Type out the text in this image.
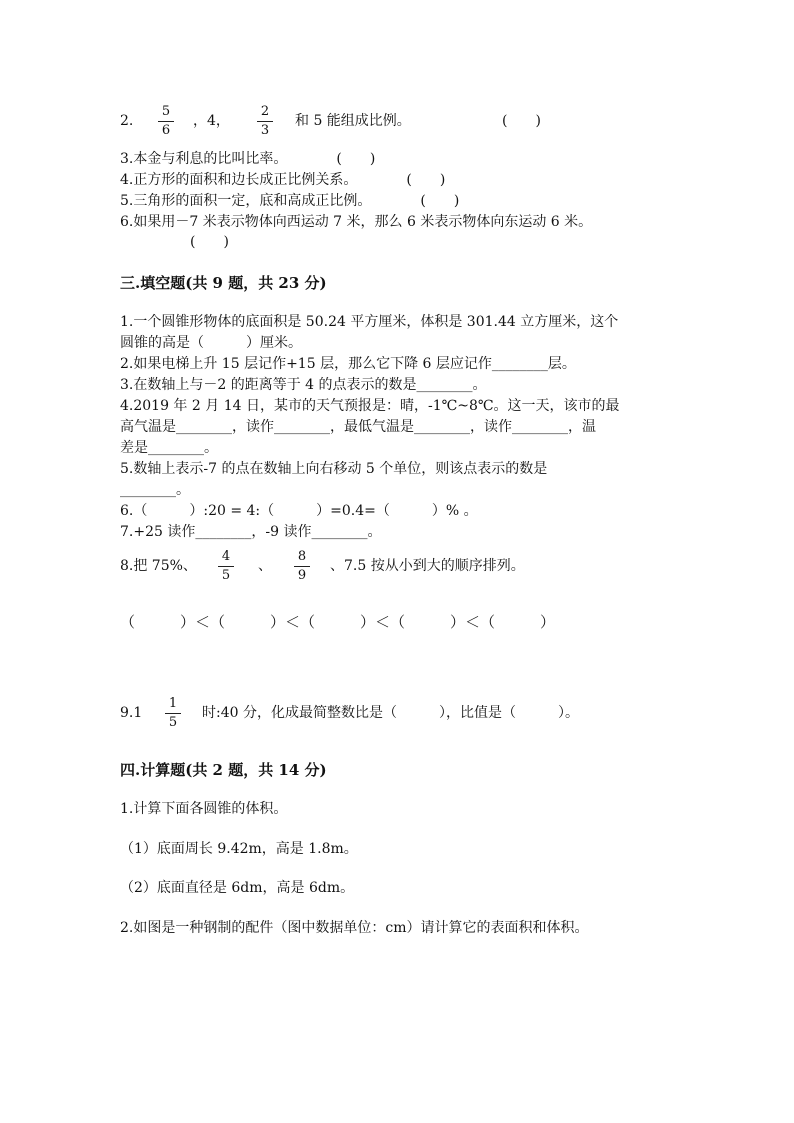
2.
5
6
，4，
2
3
和 5 能组成比例。	(　　)
3.本金与利息的比叫比率。　　　　(　　)
4.正方形的面积和边长成正比例关系。　　　　(　　)
5.三角形的面积一定，底和高成正比例。　　　　(　　)
6.如果用－7 米表示物体向西运动 7 米，那么 6 米表示物体向东运动 6 米。
(　　)
三.填空题(共 9 题，共 23 分)
1.一个圆锥形物体的底面积是 50.24 平方厘米，体积是 301.44 立方厘米，这个
圆锥的高是（　　　）厘米。
2.如果电梯上升 15 层记作+15 层，那么它下降 6 层应记作________层。
3.在数轴上与－2 的距离等于 4 的点表示的数是________。
4.2019 年 2 月 14 日，某市的天气预报是：晴，-1℃~8℃。这一天，该市的最
高气温是________，读作________，最低气温是________，读作________，温
差是________。
5.数轴上表示-7 的点在数轴上向右移动 5 个单位，则该点表示的数是
________。
6.（　　　）:20 = 4:（　　　）=0.4=（　　　）% 。
7.+25 读作________，-9 读作________。
8.把 75%、
4
5
、
8
9
、7.5 按从小到大的顺序排列。
（　　　）＜（　　　）＜（　　　）＜（　　　）＜（　　　）
9.1
1
5
时:40 分，化成最简整数比是（　　　），比值是（　　　）。
四.计算题(共 2 题，共 14 分)
1.计算下面各圆锥的体积。
（1）底面周长 9.42m，高是 1.8m。
（2）底面直径是 6dm，高是 6dm。
2.如图是一种钢制的配件（图中数据单位：cm）请计算它的表面积和体积。
